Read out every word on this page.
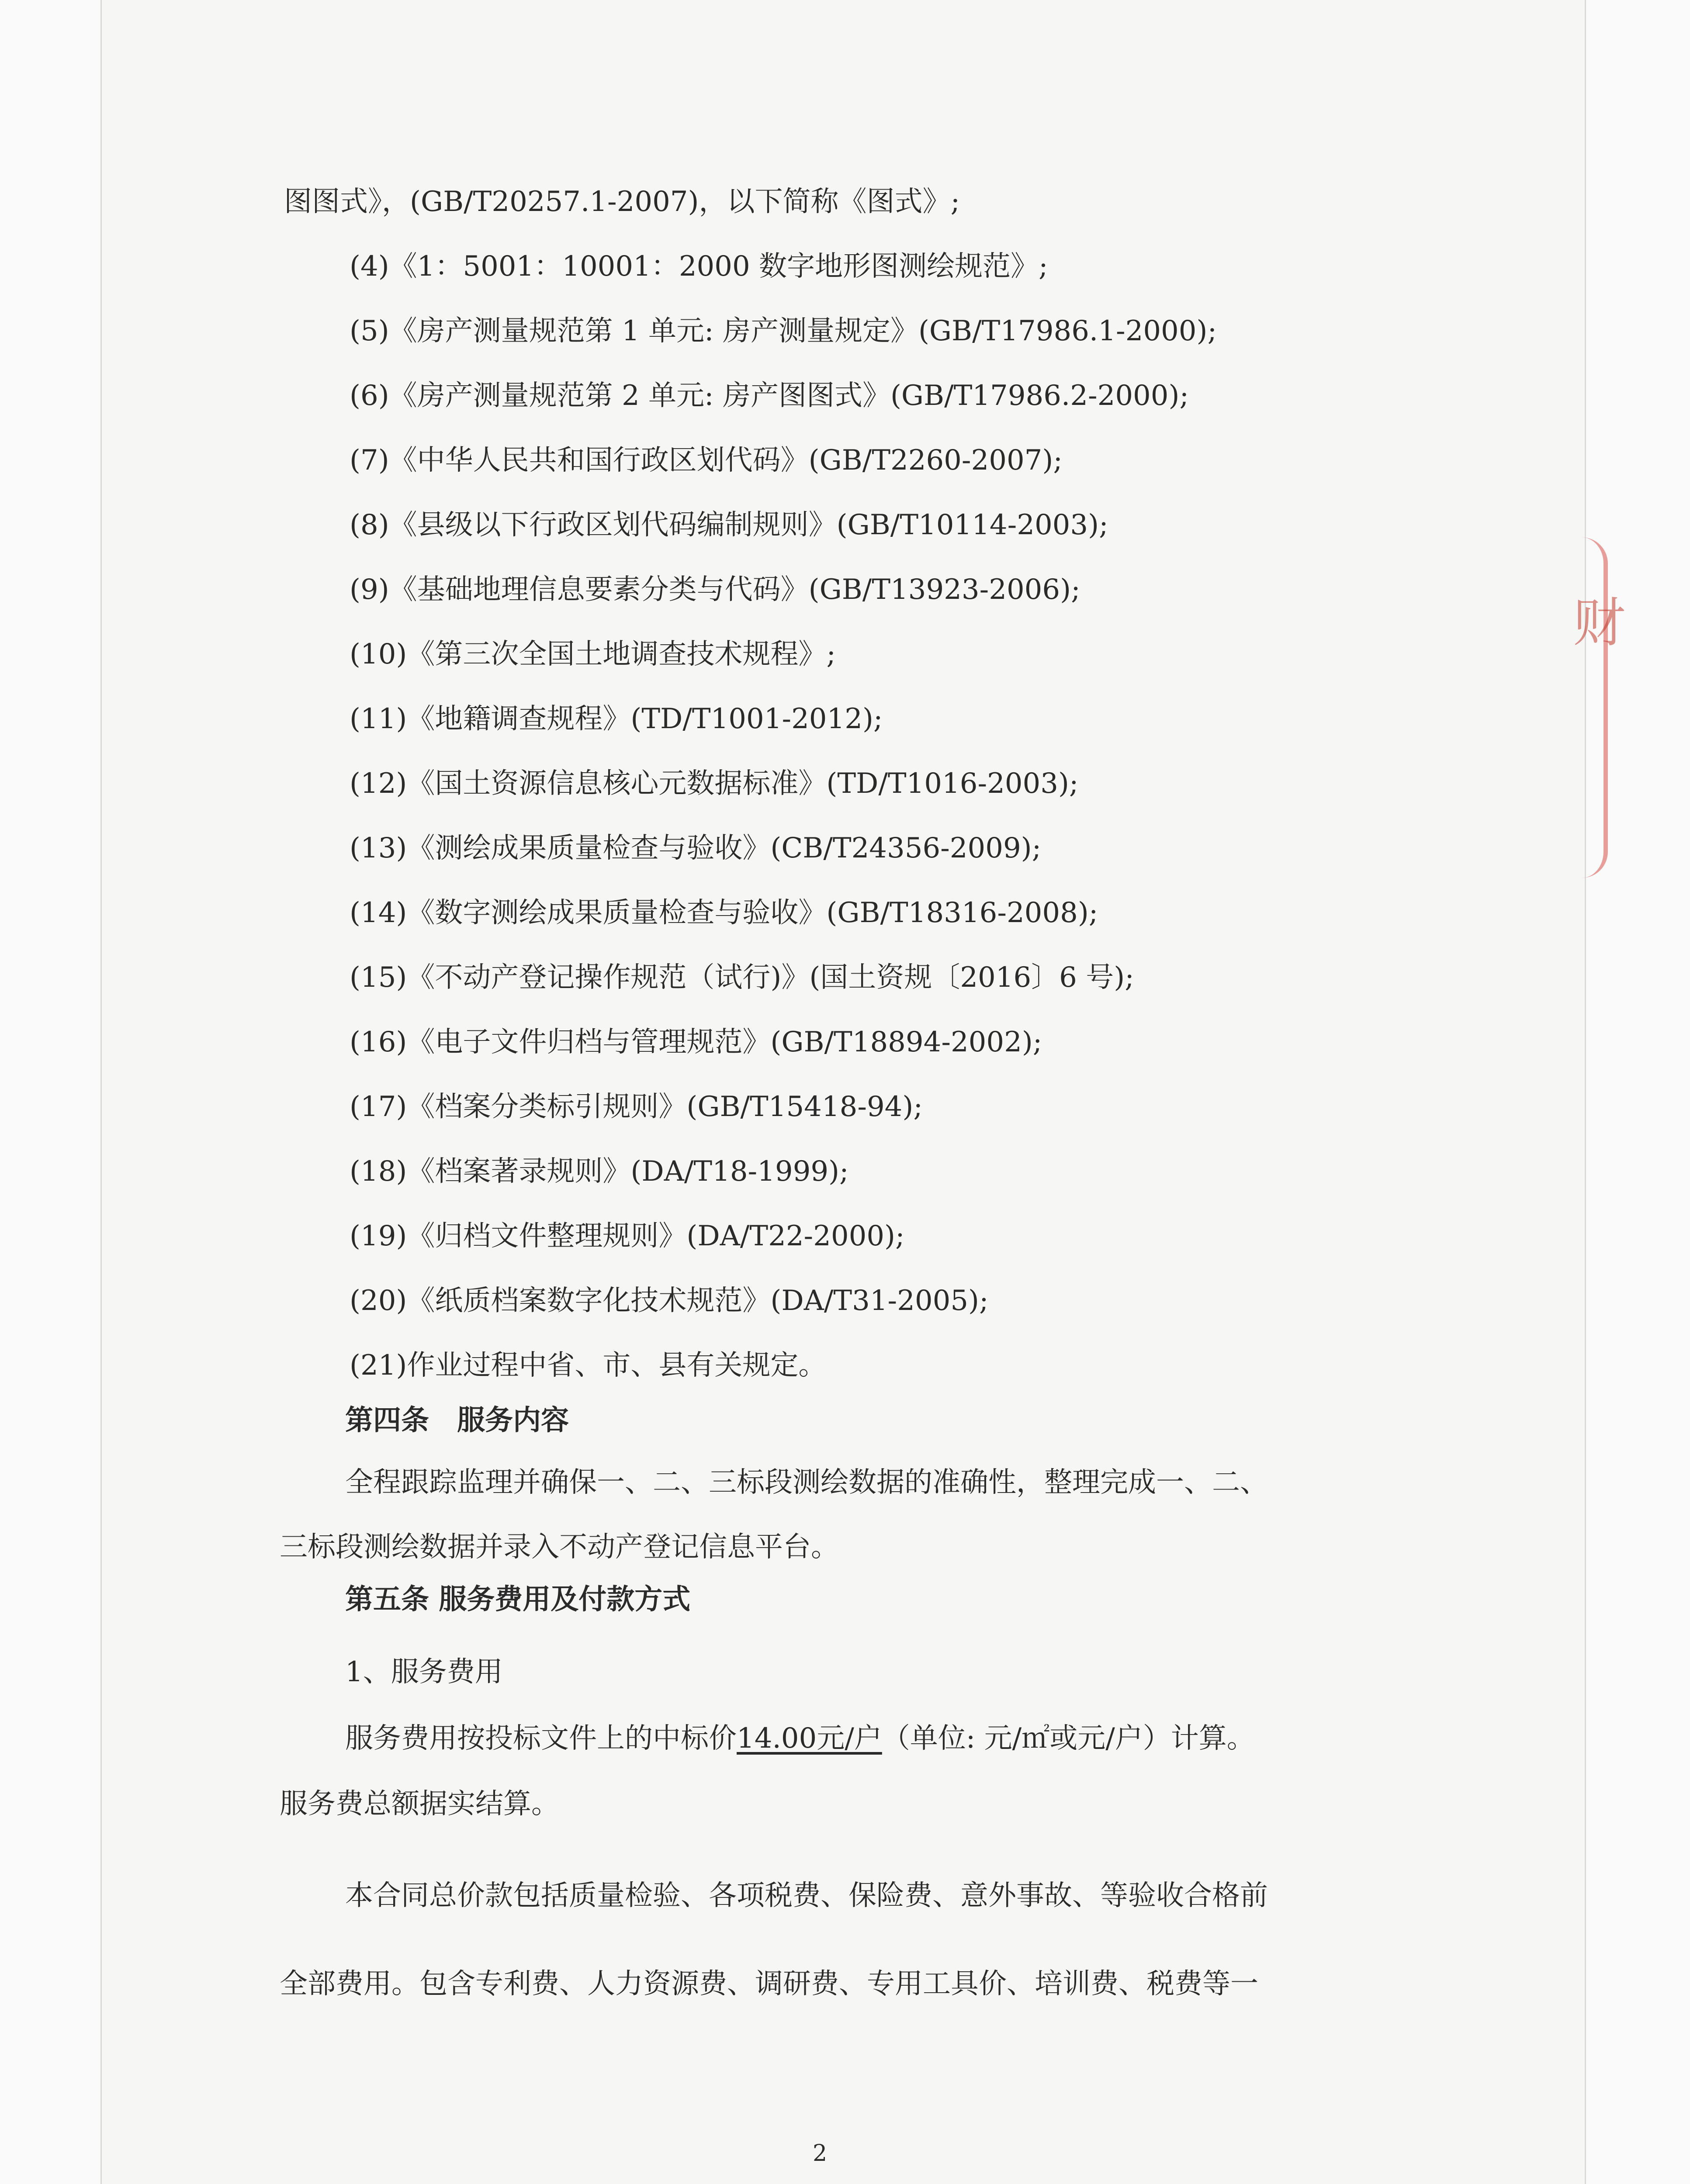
财
图图式》，(GB/T20257.1-2007)，以下简称《图式》;
(4)《1：5001：10001：2000 数字地形图测绘规范》;
(5)《房产测量规范第 1 单元: 房产测量规定》(GB/T17986.1-2000);
(6)《房产测量规范第 2 单元: 房产图图式》(GB/T17986.2-2000);
(7)《中华人民共和国行政区划代码》(GB/T2260-2007);
(8)《县级以下行政区划代码编制规则》(GB/T10114-2003);
(9)《基础地理信息要素分类与代码》(GB/T13923-2006);
(10)《第三次全国土地调查技术规程》;
(11)《地籍调查规程》(TD/T1001-2012);
(12)《国土资源信息核心元数据标准》(TD/T1016-2003);
(13)《测绘成果质量检查与验收》(CB/T24356-2009);
(14)《数字测绘成果质量检查与验收》(GB/T18316-2008);
(15)《不动产登记操作规范（试行)》(国土资规〔2016〕6 号);
(16)《电子文件归档与管理规范》(GB/T18894-2002);
(17)《档案分类标引规则》(GB/T15418-94);
(18)《档案著录规则》(DA/T18-1999);
(19)《归档文件整理规则》(DA/T22-2000);
(20)《纸质档案数字化技术规范》(DA/T31-2005);
(21)作业过程中省、市、县有关规定。
第四条　服务内容
全程跟踪监理并确保一、二、三标段测绘数据的准确性，整理完成一、二、
三标段测绘数据并录入不动产登记信息平台。
第五条 服务费用及付款方式
1、服务费用
服务费用按投标文件上的中标价14.00元/户（单位: 元/㎡或元/户）计算。
服务费总额据实结算。
本合同总价款包括质量检验、各项税费、保险费、意外事故、等验收合格前
全部费用。包含专利费、人力资源费、调研费、专用工具价、培训费、税费等一
2
